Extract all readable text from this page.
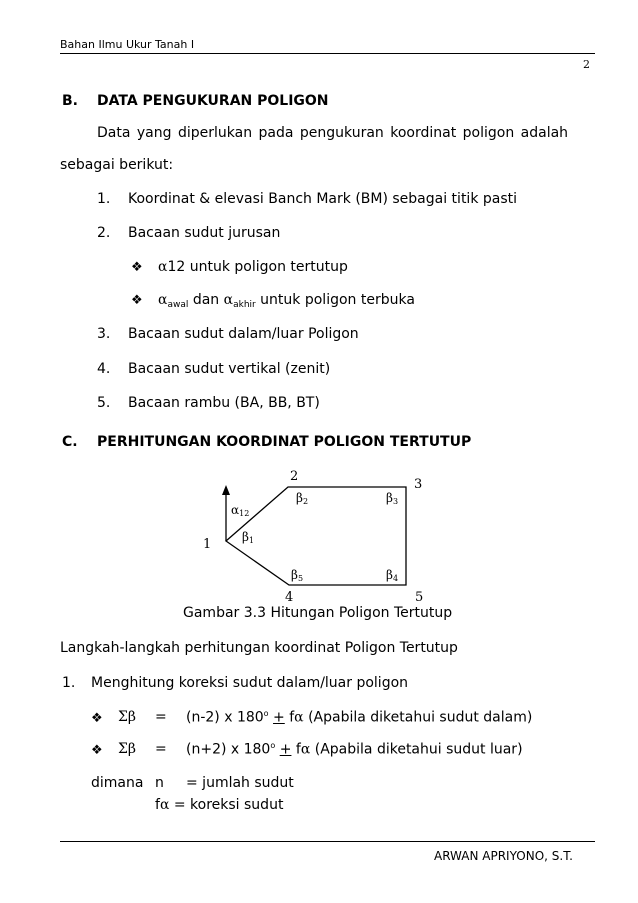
Bahan Ilmu Ukur Tanah I
2
B. DATA PENGUKURAN POLIGON
Data yang diperlukan pada pengukuran koordinat poligon adalah
sebagai berikut:
1. Koordinat & elevasi Banch Mark (BM) sebagai titik pasti
2. Bacaan sudut jurusan
❖ α12 untuk poligon tertutup
❖ $\alpha_{awal}$ dan $\alpha_{akhir}$ untuk poligon terbuka
3. Bacaan sudut dalam/luar Poligon
4. Bacaan sudut vertikal (zenit)
5. Bacaan rambu (BA, BB, BT)
C. PERHITUNGAN KOORDINAT POLIGON TERTUTUP
2
3
1
4	5
α12
β1
β2	β3
β4
β5
Gambar 3.3 Hitungan Poligon Tertutup
Langkah-langkah perhitungan koordinat Poligon Tertutup
1. Menghitung koreksi sudut dalam/luar poligon
❖ Σβ = (n-2) x $180^o + f\alpha$ (Apabila diketahui sudut dalam)
❖ Σβ = (n+2) x $180^o + f\alpha$ (Apabila diketahui sudut luar)
dimana n = jumlah sudut
fα = koreksi sudut
ARWAN APRIYONO, S.T.
